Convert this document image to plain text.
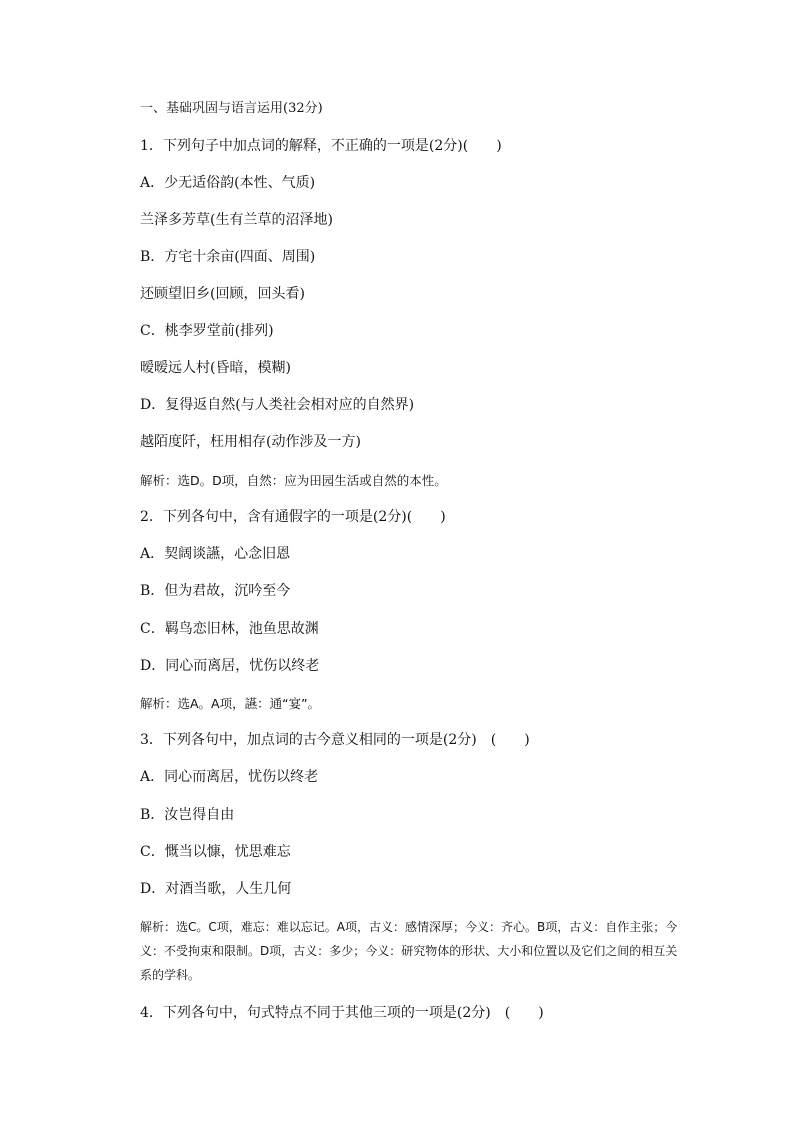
一、基础巩固与语言运用(32分)
1．下列句子中加点词的解释，不正确的一项是(2分)(　　)
A．少无适俗韵(本性、气质)
兰泽多芳草(生有兰草的沼泽地)
B．方宅十余亩(四面、周围)
还顾望旧乡(回顾，回头看)
C．桃李罗堂前(排列)
暧暧远人村(昏暗，模糊)
D．复得返自然(与人类社会相对应的自然界)
越陌度阡，枉用相存(动作涉及一方)
解析：选D。D项，自然：应为田园生活或自然的本性。
2．下列各句中，含有通假字的一项是(2分)(　　)
A．契阔谈讌，心念旧恩
B．但为君故，沉吟至今
C．羁鸟恋旧林，池鱼思故渊
D．同心而离居，忧伤以终老
解析：选A。A项，讌：通“宴”。
3．下列各句中，加点词的古今意义相同的一项是(2分)　(　　)
A．同心而离居，忧伤以终老
B．汝岂得自由
C．慨当以慷，忧思难忘
D．对酒当歌，人生几何
解析：选C。C项，难忘：难以忘记。A项，古义：感情深厚；今义：齐心。B项，古义：自作主张；今义：不受拘束和限制。D项，古义：多少；今义：研究物体的形状、大小和位置以及它们之间的相互关系的学科。
4．下列各句中，句式特点不同于其他三项的一项是(2分)　(　　)
